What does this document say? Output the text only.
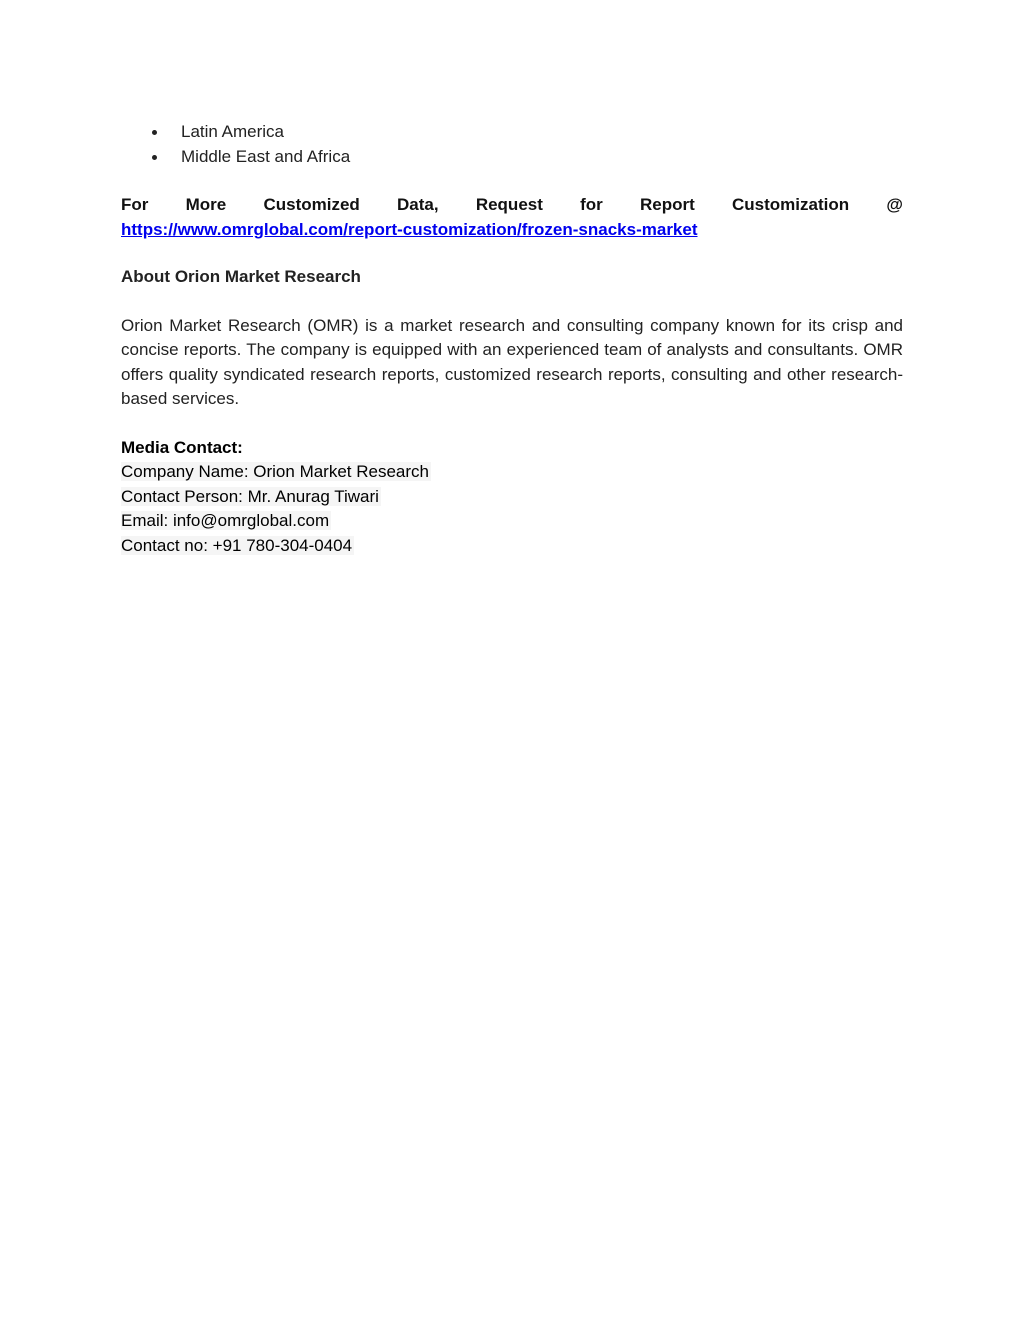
Latin America
Middle East and Africa
For More Customized Data, Request for Report Customization @
https://www.omrglobal.com/report-customization/frozen-snacks-market
About Orion Market Research
Orion Market Research (OMR) is a market research and consulting company known for its crisp and concise reports. The company is equipped with an experienced team of analysts and consultants. OMR offers quality syndicated research reports, customized research reports, consulting and other research-based services.
Media Contact:
Company Name: Orion Market Research
Contact Person: Mr. Anurag Tiwari
Email: info@omrglobal.com
Contact no: +91 780-304-0404
